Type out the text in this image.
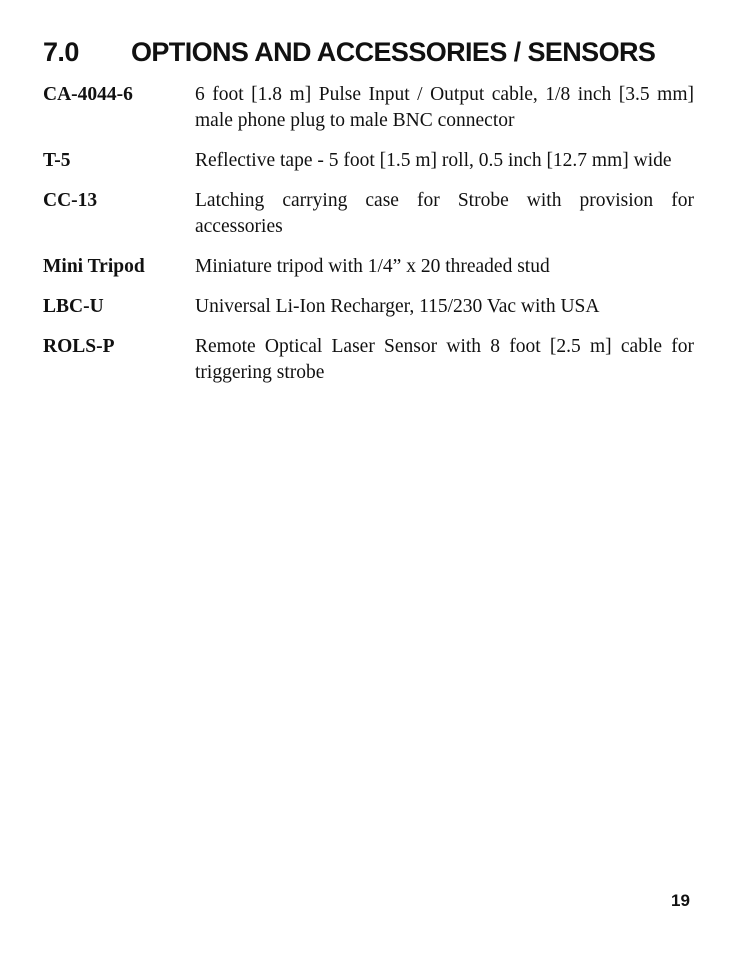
7.0 OPTIONS AND ACCESSORIES / SENSORS
CA-4044-6	6 foot [1.8 m] Pulse Input / Output cable, 1/8 inch [3.5 mm] male phone plug to male BNC connector
T-5	Reflective tape - 5 foot [1.5 m] roll, 0.5 inch [12.7 mm] wide
CC-13	Latching carrying case for Strobe with provision for accessories
Mini Tripod	Miniature tripod with 1/4” x 20 threaded stud
LBC-U	Universal Li-Ion Recharger, 115/230 Vac with USA
ROLS-P	Remote Optical Laser Sensor with 8 foot [2.5 m] cable for triggering strobe
19
